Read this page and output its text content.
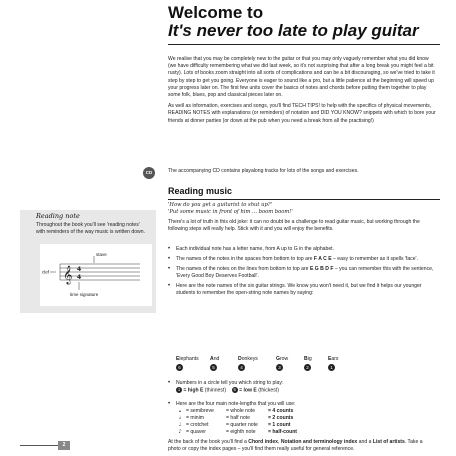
Welcome to
It's never too late to play guitar

We realise that you may be completely new to the guitar or that you may only vaguely remember what you did know (we have difficulty remembering what we did last week, so it's not surprising that after a long break you might feel a bit rusty). Lots of books zoom straight into all sorts of complications and can be a bit discouraging, so we've tried to take it step by step to get you going. Everyone is eager to sound like a pro, but a little patience at the beginning will speed up your progress later on. The first few units cover the basics of notes and chords before putting them together to play some folk, blues, pop and classical pieces later on.

As well as information, exercises and songs, you'll find TECH TIPS! to help with the specifics of physical movements, READING NOTES with explanations (or reminders) of notation and DID YOU KNOW? snippets with which to bore your friends at dinner parties (or down at the pub when you need a break from all the practising!)

The accompanying CD contains playalong tracks for lots of the songs and exercises.

CD
Reading music
'How do you get a guitarist to shut up?'
'Put some music in front of him ... boom boom!'

There's a lot of truth in this old joke: it can no doubt be a challenge to read guitar music, but working through the following steps will really help. Stick with it and you will enjoy the benefits.

• Each individual note has a letter name, from A up to G in the alphabet.
• The names of the notes in the spaces from bottom to top are F A C E – easy to remember as it spells 'face'.
• The names of the notes on the lines from bottom to top are E G B D F – you can remember this with the sentence, 'Every Good Boy Deserves Football'.
• Here are the note names of the six guitar strings. We know you won't need it, but we find it helps our younger students to remember the open-string note names by saying:
Elephants
6
And
5
Donkeys
4
Grow
3
Big
2
Ears
1
• Numbers in a circle tell you which string to play:
1 = high E (thinnest) 6 = low E (thickest)
• Here are the four main note-lengths that you will use:
𝅝 = semibreve = whole note	= 4 counts
𝅗𝅥	= minim	= half note	= 2 counts
♩ = crotchet	= quarter note = 1 count
♪ = quaver	= eighth note = half-count
At the back of the book you'll find a Chord index, Notation and terminology index and a List of artists. Take a photo or copy the index pages – you'll find them really useful for general reference.
Reading note
Throughout the book you'll see 'reading notes' with reminders of the way music is written down.
𝄞 4
4
stave
clef
time signature
2
